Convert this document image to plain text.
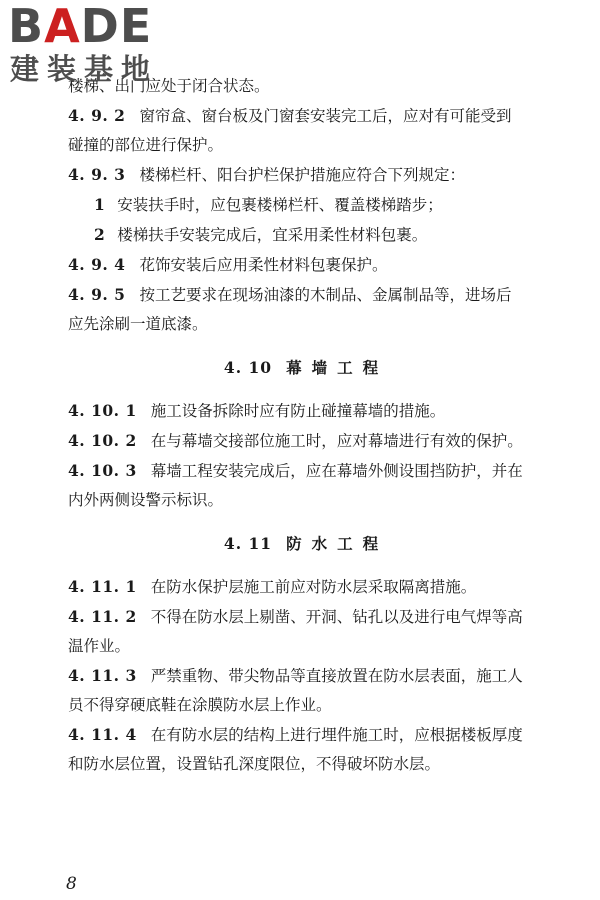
B A DE
建装基地
楼梯、出门应处于闭合状态。
4. 9. 2 窗帘盒、窗台板及门窗套安装完工后，应对有可能受到
碰撞的部位进行保护。
4. 9. 3 楼梯栏杆、阳台护栏保护措施应符合下列规定：
1 安装扶手时，应包裹楼梯栏杆、覆盖楼梯踏步；
2 楼梯扶手安装完成后，宜采用柔性材料包裹。
4. 9. 4 花饰安装后应用柔性材料包裹保护。
4. 9. 5 按工艺要求在现场油漆的木制品、金属制品等，进场后
应先涂刷一道底漆。
4. 10 幕墙工程
4. 10. 1 施工设备拆除时应有防止碰撞幕墙的措施。
4. 10. 2 在与幕墙交接部位施工时，应对幕墙进行有效的保护。
4. 10. 3 幕墙工程安装完成后，应在幕墙外侧设围挡防护，并在
内外两侧设警示标识。
4. 11 防水工程
4. 11. 1 在防水保护层施工前应对防水层采取隔离措施。
4. 11. 2 不得在防水层上剔凿、开洞、钻孔以及进行电气焊等高
温作业。
4. 11. 3 严禁重物、带尖物品等直接放置在防水层表面，施工人
员不得穿硬底鞋在涂膜防水层上作业。
4. 11. 4 在有防水层的结构上进行埋件施工时，应根据楼板厚度
和防水层位置，设置钻孔深度限位，不得破坏防水层。
8
